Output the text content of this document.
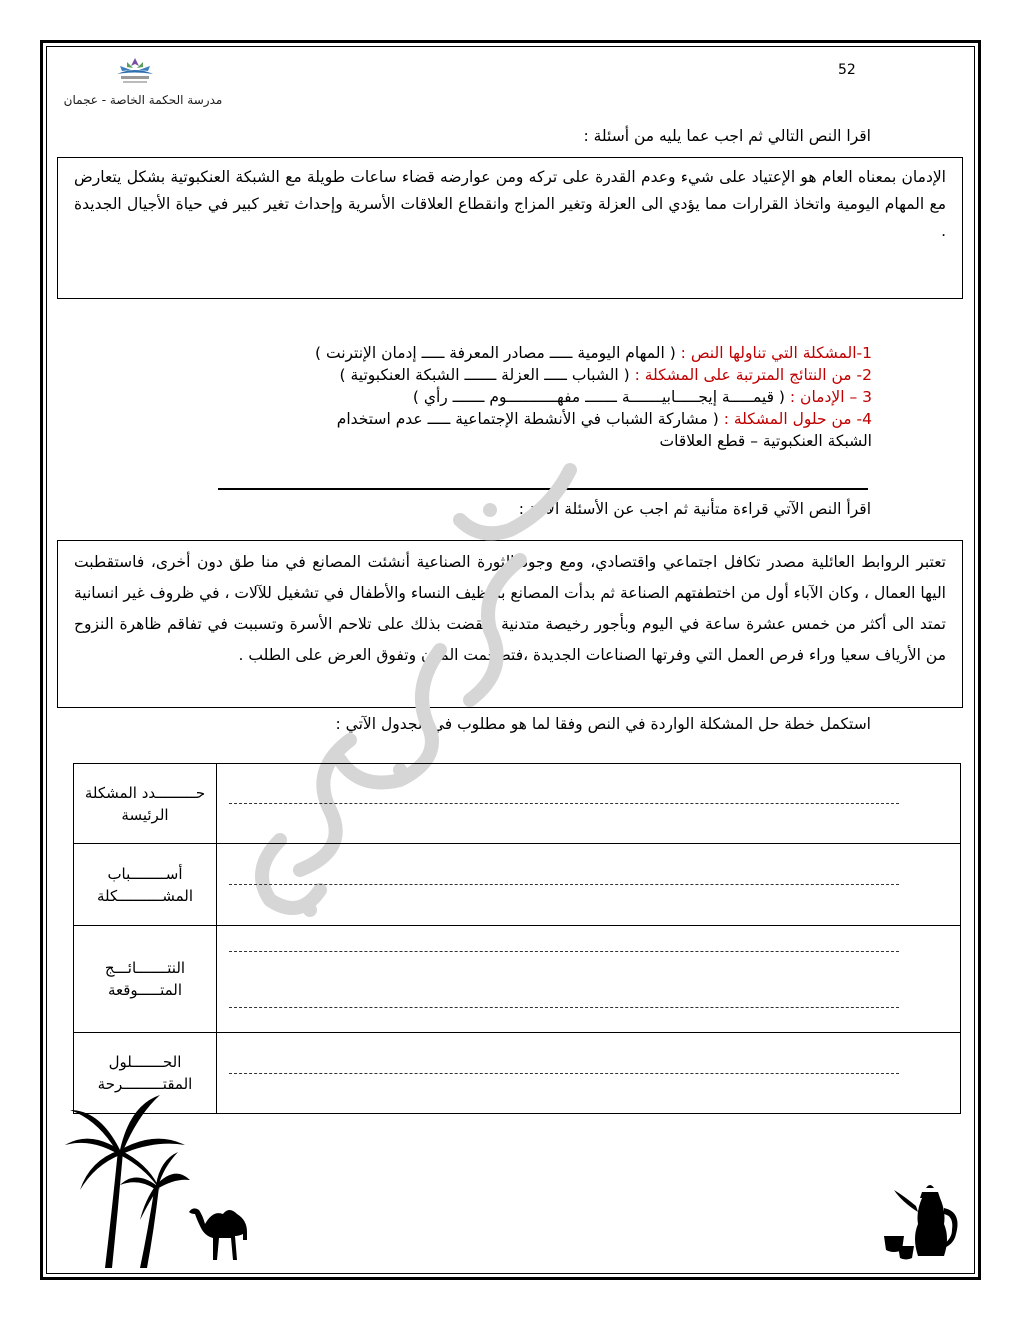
52
مدرسة الحكمة الخاصة - عجمان
اقرا النص التالي ثم اجب عما يليه من أسئلة :
الإدمان بمعناه العام هو الإعتياد على شيء وعدم القدرة على تركه ومن عوارضه قضاء ساعات طويلة مع الشبكة العنكبوتية بشكل يتعارض مع المهام اليومية واتخاذ القرارات مما يؤدي الى العزلة وتغير المزاج وانقطاع العلاقات الأسرية وإحداث تغير كبير في حياة الأجيال الجديدة .
1-المشكلة التي تناولها النص : ( المهام اليومية ـــــ مصادر المعرفة ـــــ إدمان الإنترنت )
2- من النتائج المترتبة على المشكلة : ( الشباب ـــــ العزلة ـــــــ الشبكة العنكبوتية )
3 – الإدمان : ( قيمـــــة إيجـــــابيـــــــة ـــــــ مفهـــــــــــوم ـــــــ رأي )
4- من حلول المشكلة : ( مشاركة الشباب في الأنشطة الإجتماعية ـــــ عدم استخدام
الشبكة العنكبوتية – قطع العلاقات
اقرأ النص الآتي قراءة متأنية ثم اجب عن الأسئلة الآتية :
تعتبر الروابط العائلية مصدر تكافل اجتماعي واقتصادي، ومع وجود الثورة الصناعية أنشئت المصانع في منا طق دون أخرى، فاستقطبت اليها العمال ، وكان الآباء أول من اختطفتهم الصناعة ثم بدأت المصانع بتوظيف النساء والأطفال في تشغيل للآلات ، في ظروف غير انسانية تمتد الى أكثر من خمس عشرة ساعة في اليوم وبأجور رخيصة متدنية ،فقضت بذلك على تلاحم الأسرة وتسببت في تفاقم ظاهرة النزوح من الأرياف سعيا وراء فرص العمل التي وفرتها الصناعات الجديدة ،فتضخمت المدن وتفوق العرض على الطلب .
استكمل خطة حل المشكلة الواردة في النص وفقا لما هو مطلوب في الجدول الآتي :
	حـــــــــدد المشكلة الرئيسة

	أســــــــباب المشــــــــــكلة

	النتـــــــائـــج المتـــــوقعة

	الحـــــــلول المقتـــــــــرحة
